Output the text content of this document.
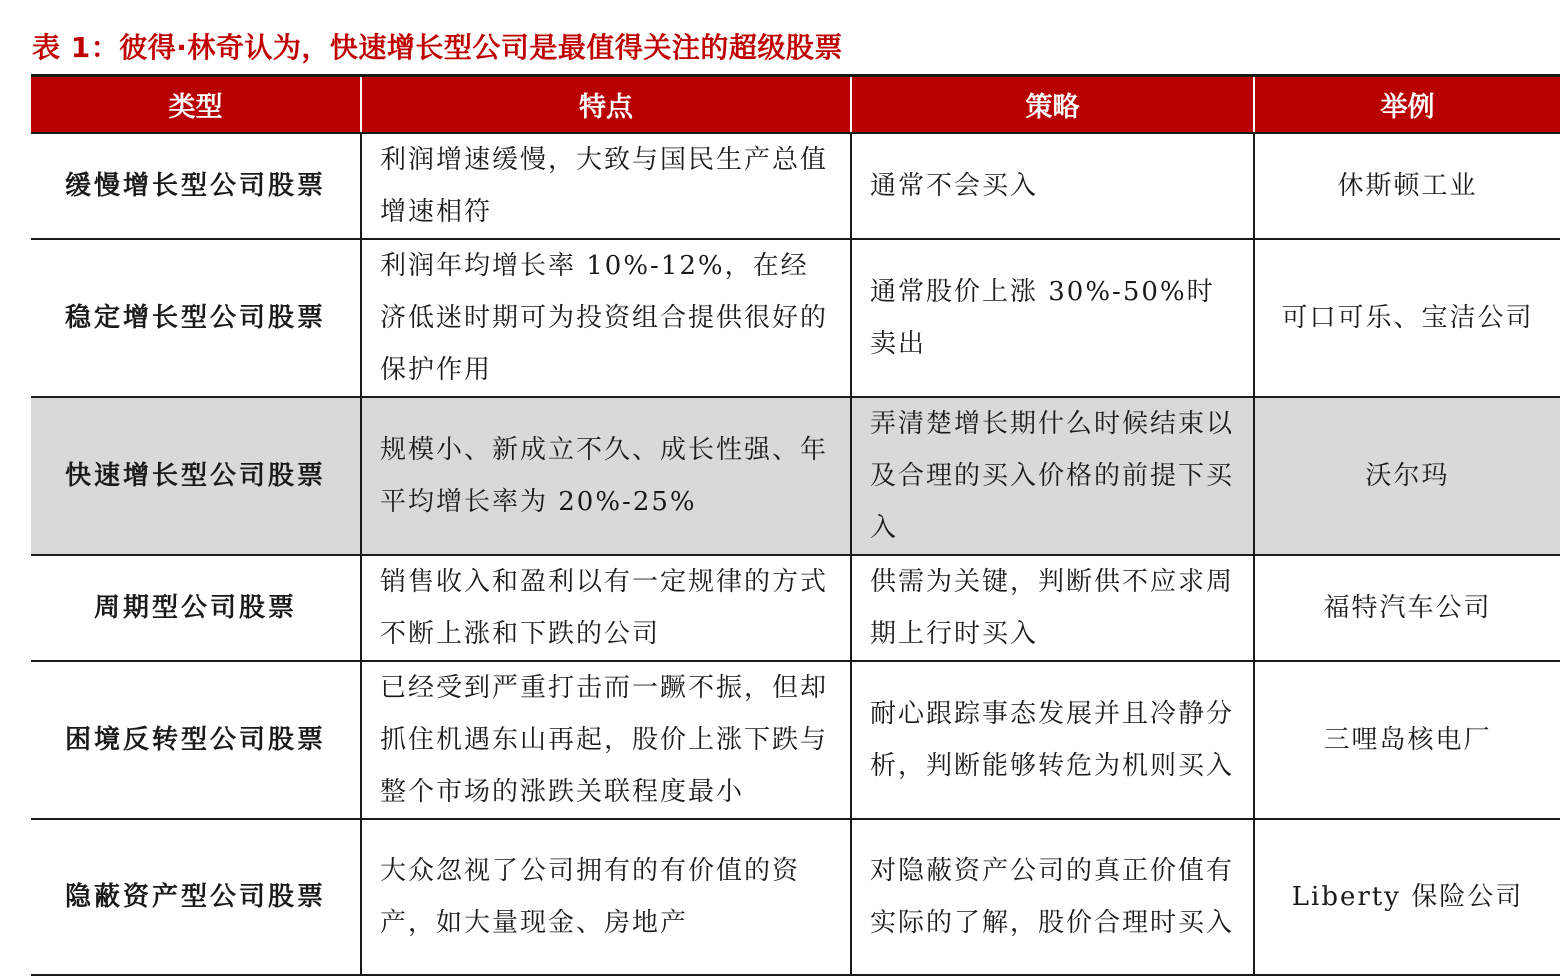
表 1：彼得·林奇认为，快速增长型公司是最值得关注的超级股票
类型	特点	策略	举例
缓慢增长型公司股票	利润增速缓慢，大致与国民生产总值增速相符	通常不会买入	休斯顿工业
稳定增长型公司股票	利润年均增长率 10%-12%，在经济低迷时期可为投资组合提供很好的保护作用	通常股价上涨 30%-50%时卖出	可口可乐、宝洁公司
快速增长型公司股票	规模小、新成立不久、成长性强、年平均增长率为 20%-25%	弄清楚增长期什么时候结束以及合理的买入价格的前提下买入	沃尔玛
周期型公司股票	销售收入和盈利以有一定规律的方式不断上涨和下跌的公司	供需为关键，判断供不应求周期上行时买入	福特汽车公司
困境反转型公司股票	已经受到严重打击而一蹶不振，但却抓住机遇东山再起，股价上涨下跌与整个市场的涨跌关联程度最小	耐心跟踪事态发展并且冷静分析，判断能够转危为机则买入	三哩岛核电厂
隐蔽资产型公司股票	大众忽视了公司拥有的有价值的资产，如大量现金、房地产	对隐蔽资产公司的真正价值有实际的了解，股价合理时买入	Liberty 保险公司
